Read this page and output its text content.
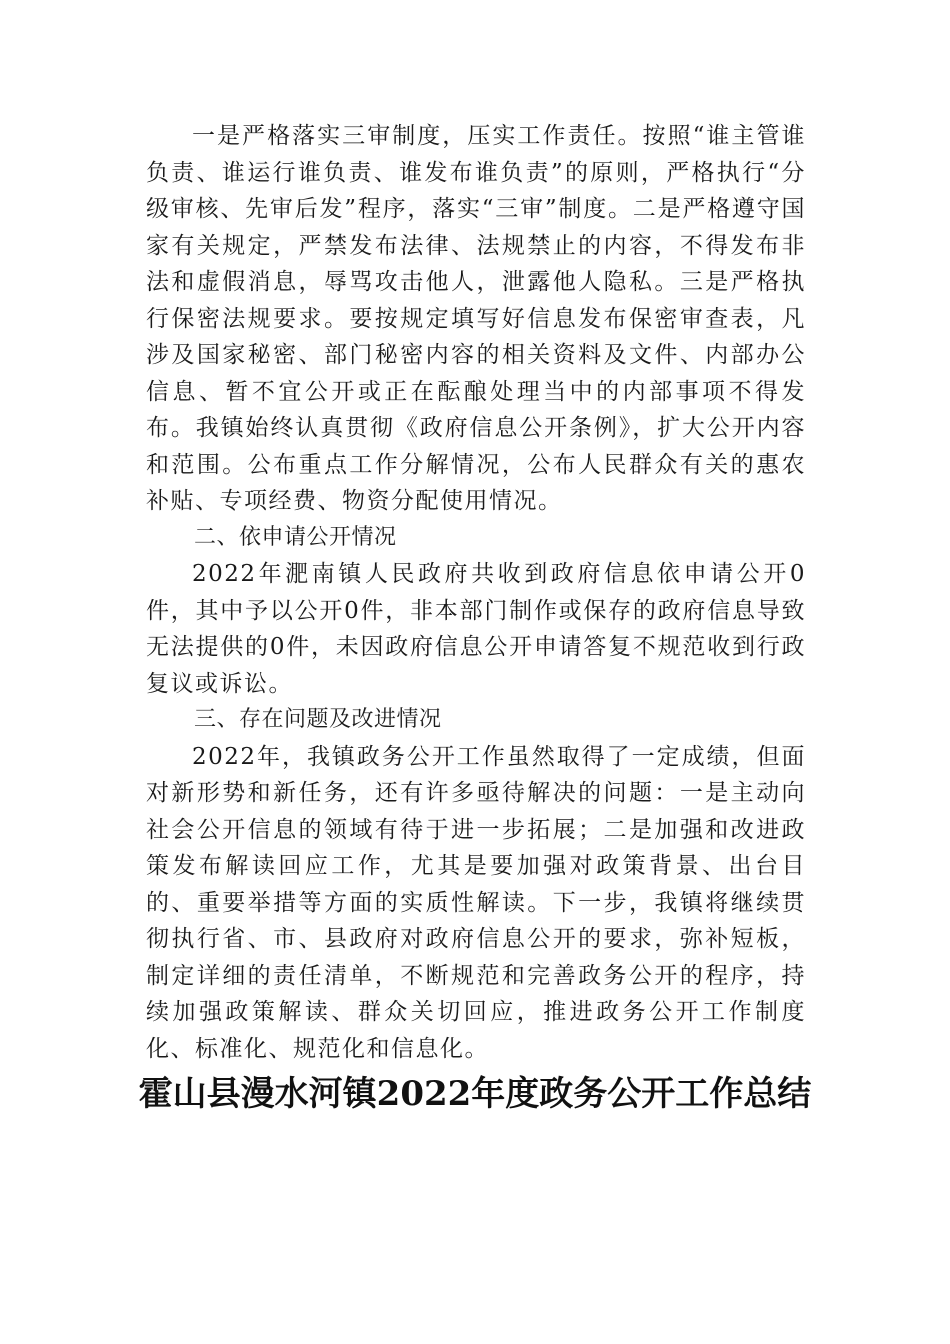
一是严格落实三审制度，压实工作责任。按照“谁主管谁负责、谁运行谁负责、谁发布谁负责”的原则，严格执行“分级审核、先审后发”程序，落实“三审”制度。二是严格遵守国家有关规定，严禁发布法律、法规禁止的内容，不得发布非法和虚假消息，辱骂攻击他人，泄露他人隐私。三是严格执行保密法规要求。要按规定填写好信息发布保密审查表，凡涉及国家秘密、部门秘密内容的相关资料及文件、内部办公信息、暂不宜公开或正在酝酿处理当中的内部事项不得发布。我镇始终认真贯彻《政府信息公开条例》，扩大公开内容和范围。公布重点工作分解情况，公布人民群众有关的惠农补贴、专项经费、物资分配使用情况。

二、依申请公开情况

2022年淝南镇人民政府共收到政府信息依申请公开0件，其中予以公开0件，非本部门制作或保存的政府信息导致无法提供的0件，未因政府信息公开申请答复不规范收到行政复议或诉讼。

三、存在问题及改进情况

2022年，我镇政务公开工作虽然取得了一定成绩，但面对新形势和新任务，还有许多亟待解决的问题：一是主动向社会公开信息的领域有待于进一步拓展；二是加强和改进政策发布解读回应工作，尤其是要加强对政策背景、出台目的、重要举措等方面的实质性解读。下一步，我镇将继续贯彻执行省、市、县政府对政府信息公开的要求，弥补短板，制定详细的责任清单，不断规范和完善政务公开的程序，持续加强政策解读、群众关切回应，推进政务公开工作制度化、标准化、规范化和信息化。

霍山县漫水河镇2022年度政务公开工作总结
